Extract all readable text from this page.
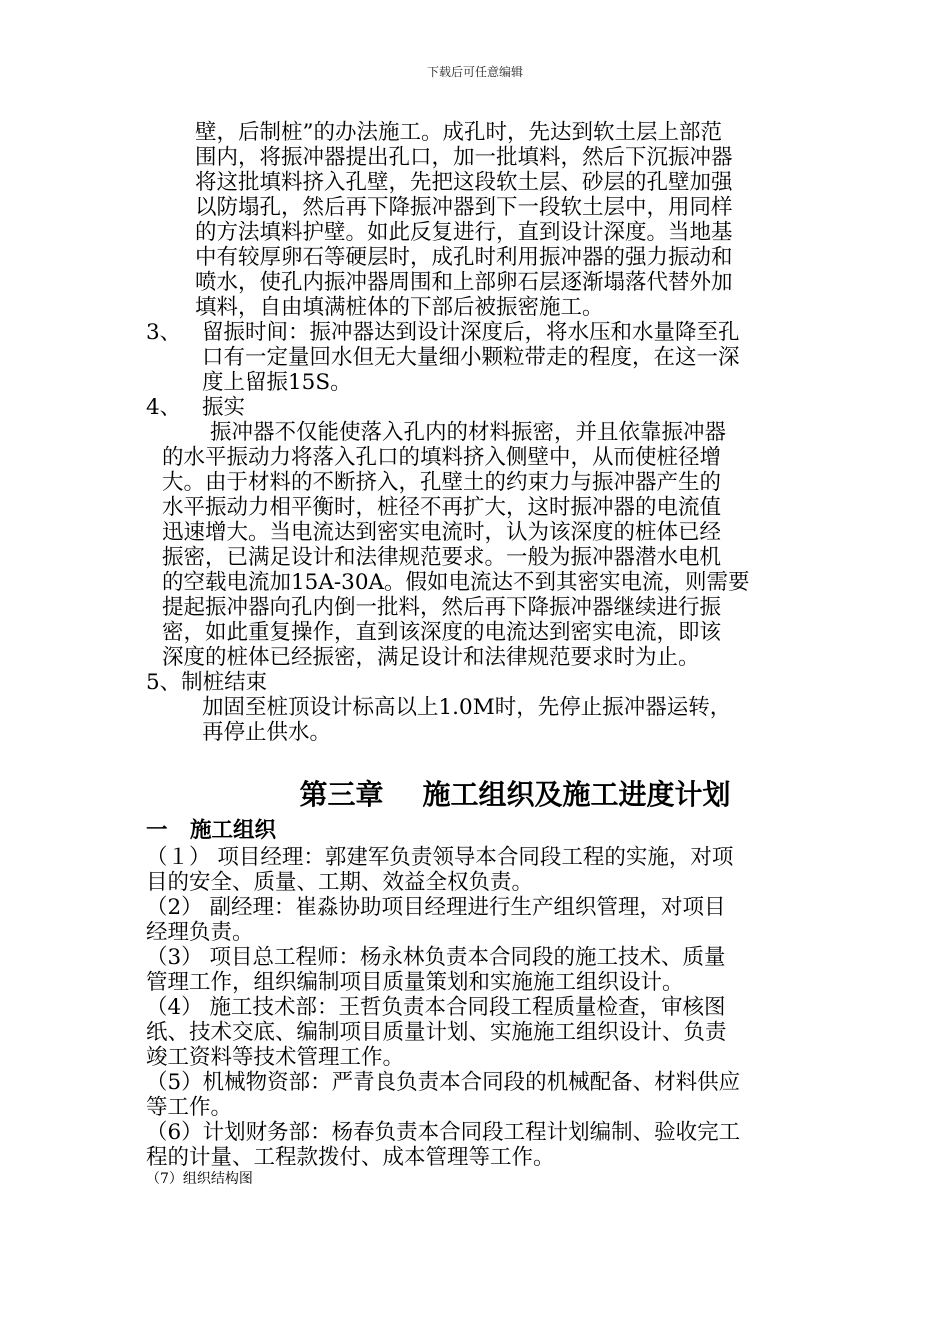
下载后可任意编辑
壁，后制桩”的办法施工。成孔时，先达到软土层上部范
围内，将振冲器提出孔口，加一批填料，然后下沉振冲器
将这批填料挤入孔壁，先把这段软土层、砂层的孔壁加强
以防塌孔，然后再下降振冲器到下一段软土层中，用同样
的方法填料护壁。如此反复进行，直到设计深度。当地基
中有较厚卵石等硬层时，成孔时利用振冲器的强力振动和
喷水，使孔内振冲器周围和上部卵石层逐渐塌落代替外加
填料，自由填满桩体的下部后被振密施工。
3、 留振时间：振冲器达到设计深度后，将水压和水量降至孔
口有一定量回水但无大量细小颗粒带走的程度，在这一深
度上留振15S。
4、 振实
振冲器不仅能使落入孔内的材料振密，并且依靠振冲器
的水平振动力将落入孔口的填料挤入侧壁中，从而使桩径增
大。由于材料的不断挤入，孔壁土的约束力与振冲器产生的
水平振动力相平衡时，桩径不再扩大，这时振冲器的电流值
迅速增大。当电流达到密实电流时，认为该深度的桩体已经
振密，已满足设计和法律规范要求。一般为振冲器潜水电机
的空载电流加15A-30A。假如电流达不到其密实电流，则需要
提起振冲器向孔内倒一批料，然后再下降振冲器继续进行振
密，如此重复操作，直到该深度的电流达到密实电流，即该
深度的桩体已经振密，满足设计和法律规范要求时为止。
5、制桩结束
加固至桩顶设计标高以上1.0M时，先停止振冲器运转，
再停止供水。
第三章    施工组织及施工进度计划
一   施工组织
（１） 项目经理：郭建军负责领导本合同段工程的实施，对项
目的安全、质量、工期、效益全权负责。
（2） 副经理：崔淼协助项目经理进行生产组织管理，对项目
经理负责。
（3） 项目总工程师：杨永林负责本合同段的施工技术、质量
管理工作，组织编制项目质量策划和实施施工组织设计。
（4） 施工技术部：王哲负责本合同段工程质量检查，审核图
纸、技术交底、编制项目质量计划、实施施工组织设计、负责
竣工资料等技术管理工作。
（5）机械物资部：严青良负责本合同段的机械配备、材料供应
等工作。
（6）计划财务部：杨春负责本合同段工程计划编制、验收完工
程的计量、工程款拨付、成本管理等工作。
（7）组织结构图
